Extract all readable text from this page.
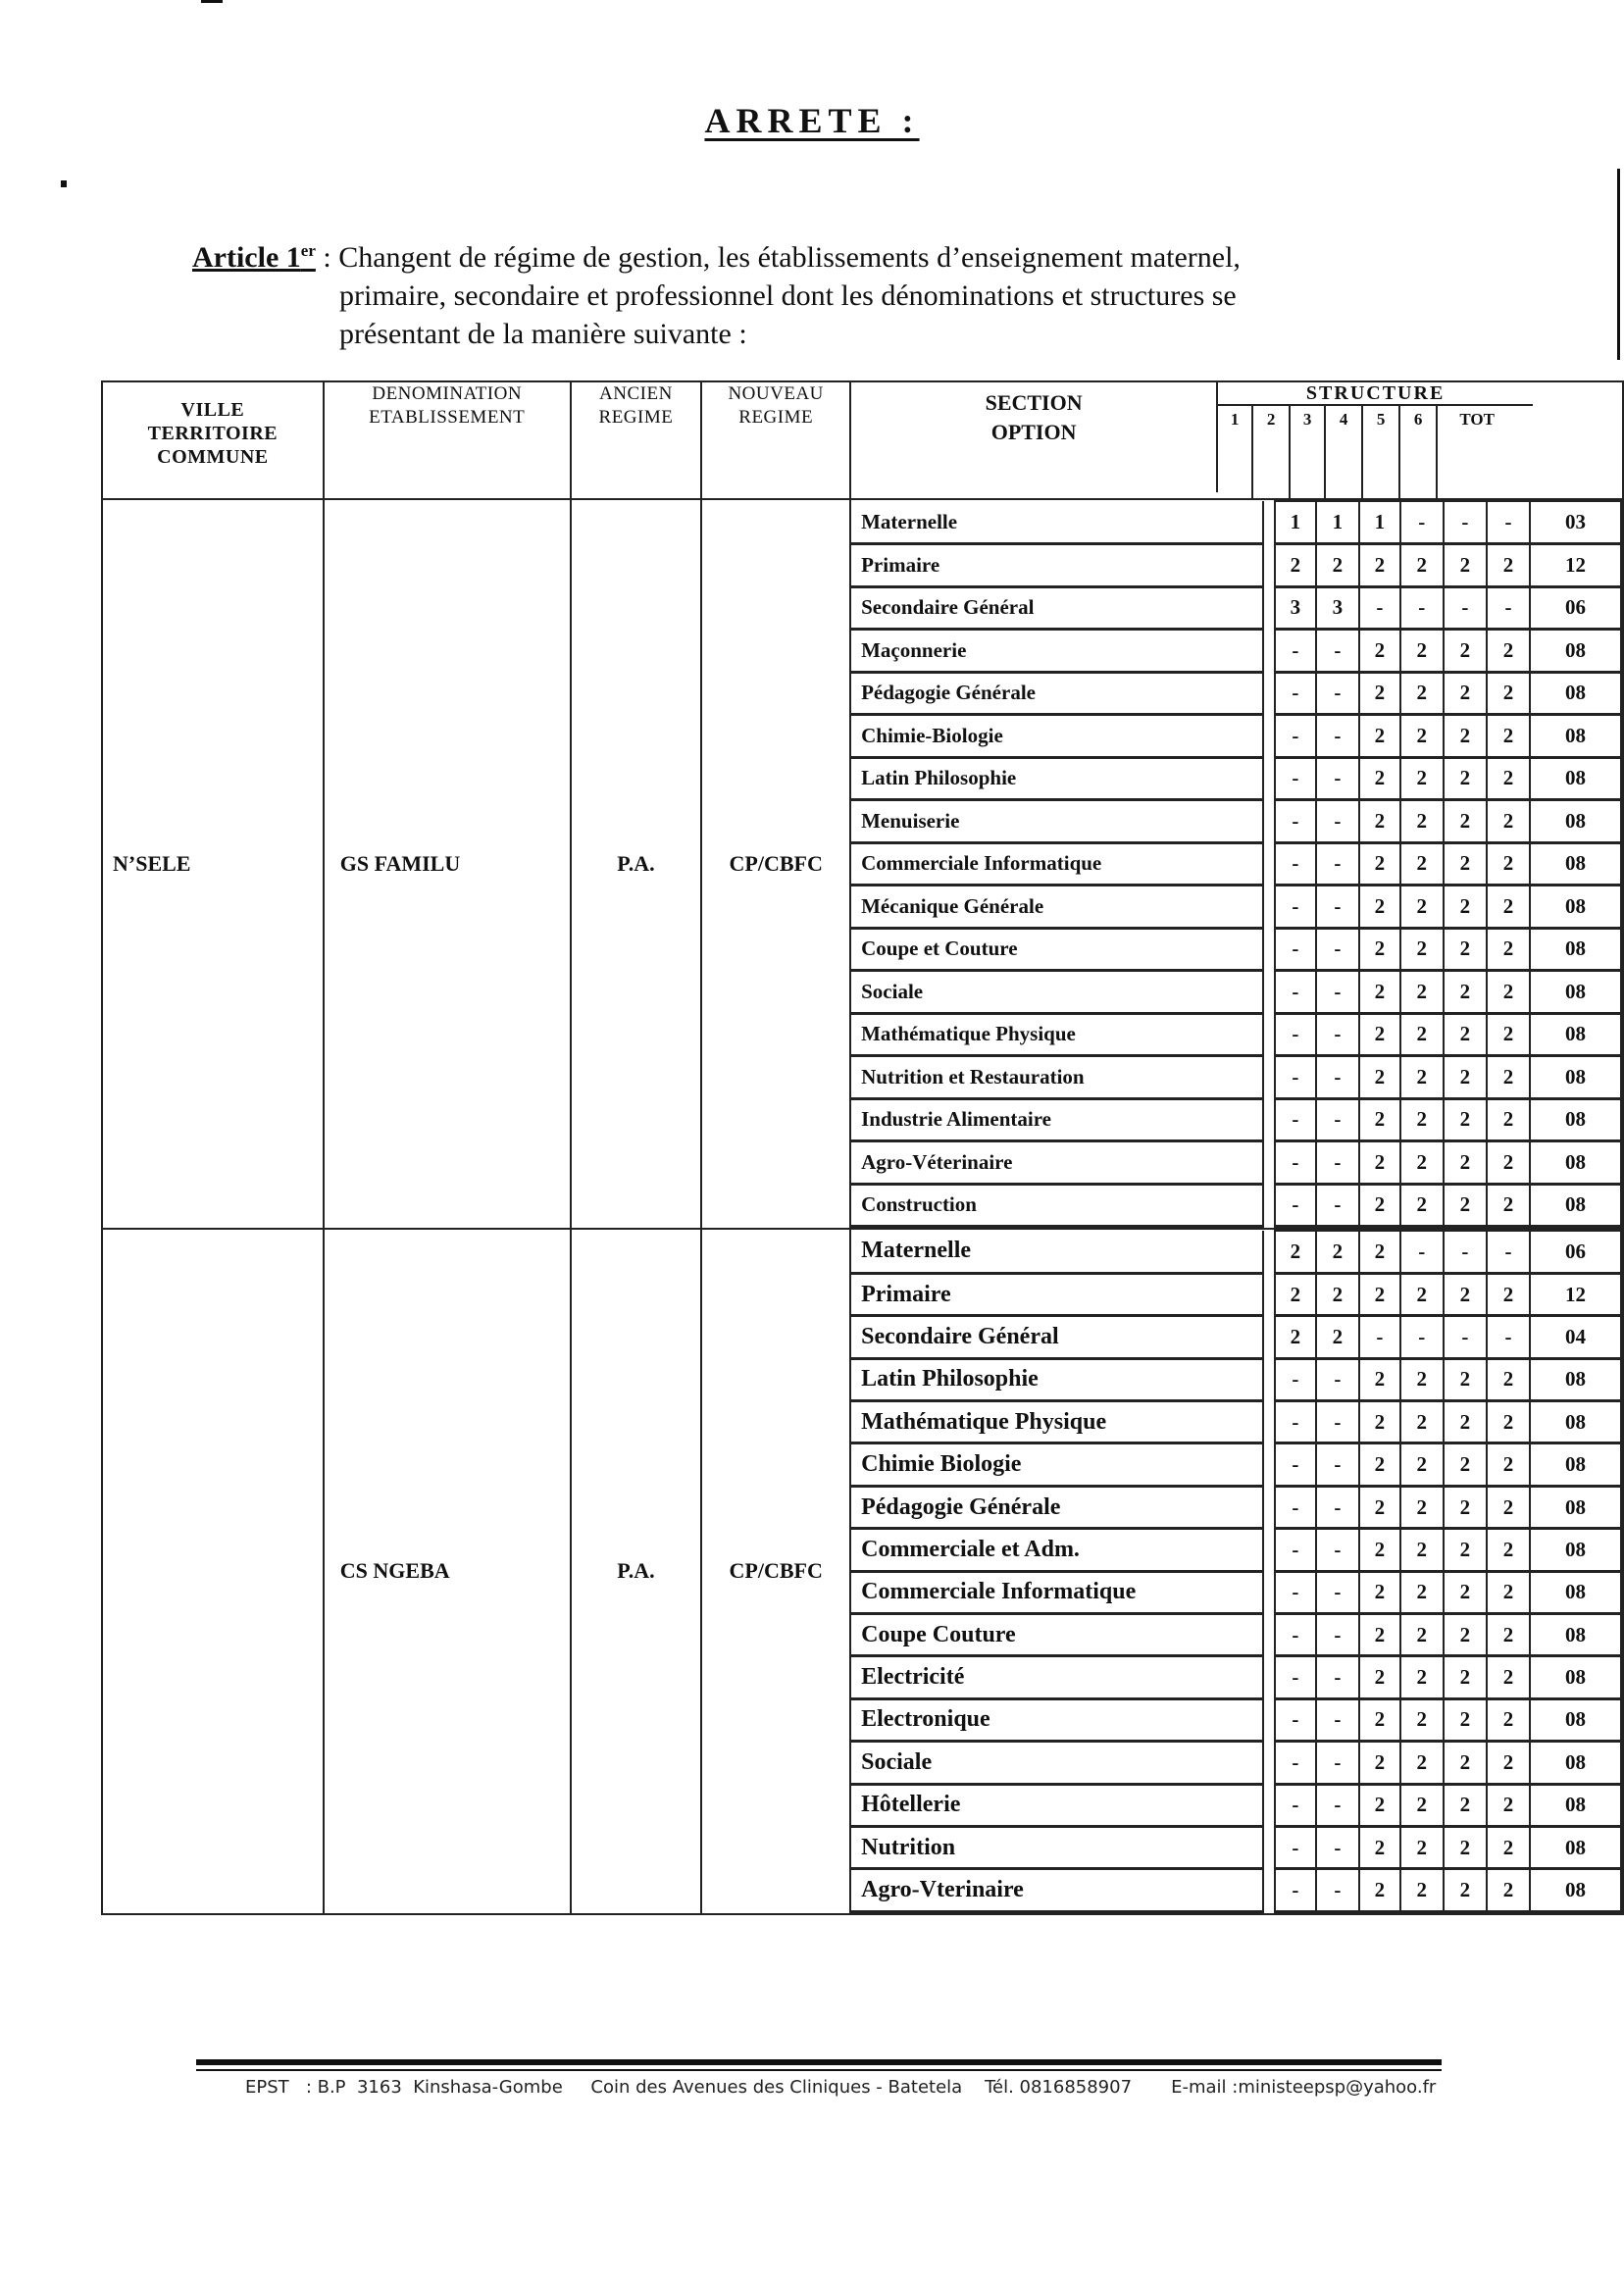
ARRETE :
Article 1er : Changent de régime de gestion, les établissements d’enseignement maternel,
primaire, secondaire et professionnel dont les dénominations et structures se
présentant de la manière suivante :
VILLE
TERRITOIRE
COMMUNE

DENOMINATION
ETABLISSEMENT

ANCIEN
REGIME

NOUVEAU
REGIME

SECTION
OPTION
STRUCTURE
1	2	3	4	5	6	TOT

N’SELE	GS FAMILU	P.A.	CP/CBFC	
Maternelle		1	1	1	-	-	-	03
Primaire		2	2	2	2	2	2	12
Secondaire Général		3	3	-	-	-	-	06
Maçonnerie		-	-	2	2	2	2	08
Pédagogie Générale		-	-	2	2	2	2	08
Chimie-Biologie		-	-	2	2	2	2	08
Latin Philosophie		-	-	2	2	2	2	08
Menuiserie		-	-	2	2	2	2	08
Commerciale Informatique		-	-	2	2	2	2	08
Mécanique Générale		-	-	2	2	2	2	08
Coupe et Couture		-	-	2	2	2	2	08
Sociale		-	-	2	2	2	2	08
Mathématique Physique		-	-	2	2	2	2	08
Nutrition et Restauration		-	-	2	2	2	2	08
Industrie Alimentaire		-	-	2	2	2	2	08
Agro-Véterinaire		-	-	2	2	2	2	08
Construction		-	-	2	2	2	2	08

	CS NGEBA	P.A.	CP/CBFC	
Maternelle		2	2	2	-	-	-	06
Primaire		2	2	2	2	2	2	12
Secondaire Général		2	2	-	-	-	-	04
Latin Philosophie		-	-	2	2	2	2	08
Mathématique Physique		-	-	2	2	2	2	08
Chimie Biologie		-	-	2	2	2	2	08
Pédagogie Générale		-	-	2	2	2	2	08
Commerciale et Adm.		-	-	2	2	2	2	08
Commerciale Informatique		-	-	2	2	2	2	08
Coupe Couture		-	-	2	2	2	2	08
Electricité		-	-	2	2	2	2	08
Electronique		-	-	2	2	2	2	08
Sociale		-	-	2	2	2	2	08
Hôtellerie		-	-	2	2	2	2	08
Nutrition		-	-	2	2	2	2	08
Agro-Vterinaire		-	-	2	2	2	2	08
EPST   : B.P  3163  Kinshasa-Gombe     Coin des Avenues des Cliniques - Batetela    Tél. 0816858907       E-mail :ministeepsp@yahoo.fr
